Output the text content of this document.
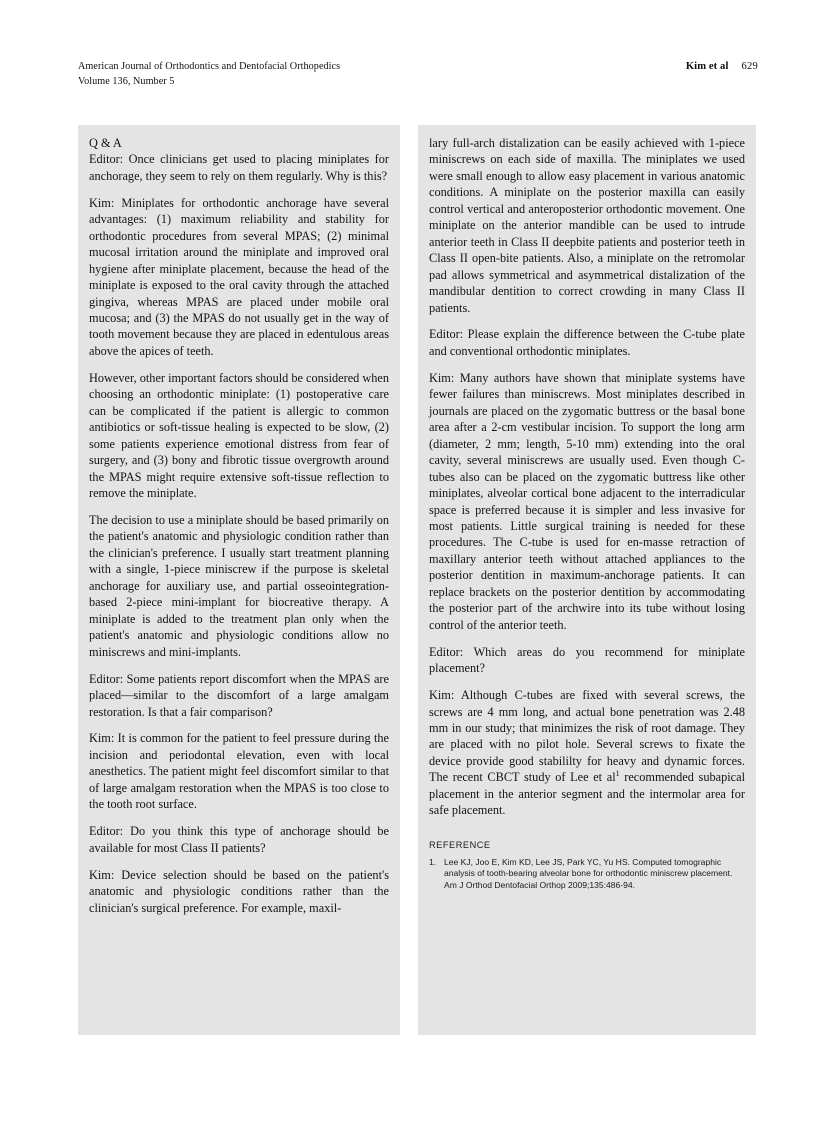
American Journal of Orthodontics and Dentofacial Orthopedics
Volume 136, Number 5
Kim et al 629
Q & A

Editor: Once clinicians get used to placing miniplates for anchorage, they seem to rely on them regularly. Why is this?

Kim: Miniplates for orthodontic anchorage have several advantages: (1) maximum reliability and stability for orthodontic procedures from several MPAS; (2) minimal mucosal irritation around the miniplate and improved oral hygiene after miniplate placement, because the head of the miniplate is exposed to the oral cavity through the attached gingiva, whereas MPAS are placed under mobile oral mucosa; and (3) the MPAS do not usually get in the way of tooth movement because they are placed in edentulous areas above the apices of teeth.

However, other important factors should be considered when choosing an orthodontic miniplate: (1) postoperative care can be complicated if the patient is allergic to common antibiotics or soft-tissue healing is expected to be slow, (2) some patients experience emotional distress from fear of surgery, and (3) bony and fibrotic tissue overgrowth around the MPAS might require extensive soft-tissue reflection to remove the miniplate.

The decision to use a miniplate should be based primarily on the patient's anatomic and physiologic condition rather than the clinician's preference. I usually start treatment planning with a single, 1-piece miniscrew if the purpose is skeletal anchorage for auxiliary use, and partial osseointegration-based 2-piece mini-implant for biocreative therapy. A miniplate is added to the treatment plan only when the patient's anatomic and physiologic conditions allow no miniscrews and mini-implants.

Editor: Some patients report discomfort when the MPAS are placed—similar to the discomfort of a large amalgam restoration. Is that a fair comparison?

Kim: It is common for the patient to feel pressure during the incision and periodontal elevation, even with local anesthetics. The patient might feel discomfort similar to that of large amalgam restoration when the MPAS is too close to the tooth root surface.

Editor: Do you think this type of anchorage should be available for most Class II patients?

Kim: Device selection should be based on the patient's anatomic and physiologic conditions rather than the clinician's surgical preference. For example, maxil-

lary full-arch distalization can be easily achieved with 1-piece miniscrews on each side of maxilla. The miniplates we used were small enough to allow easy placement in various anatomic conditions. A miniplate on the posterior maxilla can easily control vertical and anteroposterior orthodontic movement. One miniplate on the anterior mandible can be used to intrude anterior teeth in Class II deepbite patients and posterior teeth in Class II open-bite patients. Also, a miniplate on the retromolar pad allows symmetrical and asymmetrical distalization of the mandibular dentition to correct crowding in many Class II patients.

Editor: Please explain the difference between the C-tube plate and conventional orthodontic miniplates.

Kim: Many authors have shown that miniplate systems have fewer failures than miniscrews. Most miniplates described in journals are placed on the zygomatic buttress or the basal bone area after a 2-cm vestibular incision. To support the long arm (diameter, 2 mm; length, 5-10 mm) extending into the oral cavity, several miniscrews are usually used. Even though C-tubes also can be placed on the zygomatic buttress like other miniplates, alveolar cortical bone adjacent to the interradicular space is preferred because it is simpler and less invasive for most patients. Little surgical training is needed for these procedures. The C-tube is used for en-masse retraction of maxillary anterior teeth without attached appliances to the posterior dentition in maximum-anchorage patients. It can replace brackets on the posterior dentition by accommodating the posterior part of the archwire into its tube without losing control of the anterior teeth.

Editor: Which areas do you recommend for miniplate placement?

Kim: Although C-tubes are fixed with several screws, the screws are 4 mm long, and actual bone penetration was 2.48 mm in our study; that minimizes the risk of root damage. They are placed with no pilot hole. Several screws to fixate the device provide good stabililty for heavy and dynamic forces. The recent CBCT study of Lee et al$^1$ recommended subapical placement in the anterior segment and the intermolar area for safe placement.

REFERENCE
1. Lee KJ, Joo E, Kim KD, Lee JS, Park YC, Yu HS. Computed tomographic analysis of tooth-bearing alveolar bone for orthodontic miniscrew placement. Am J Orthod Dentofacial Orthop 2009;135:486-94.
